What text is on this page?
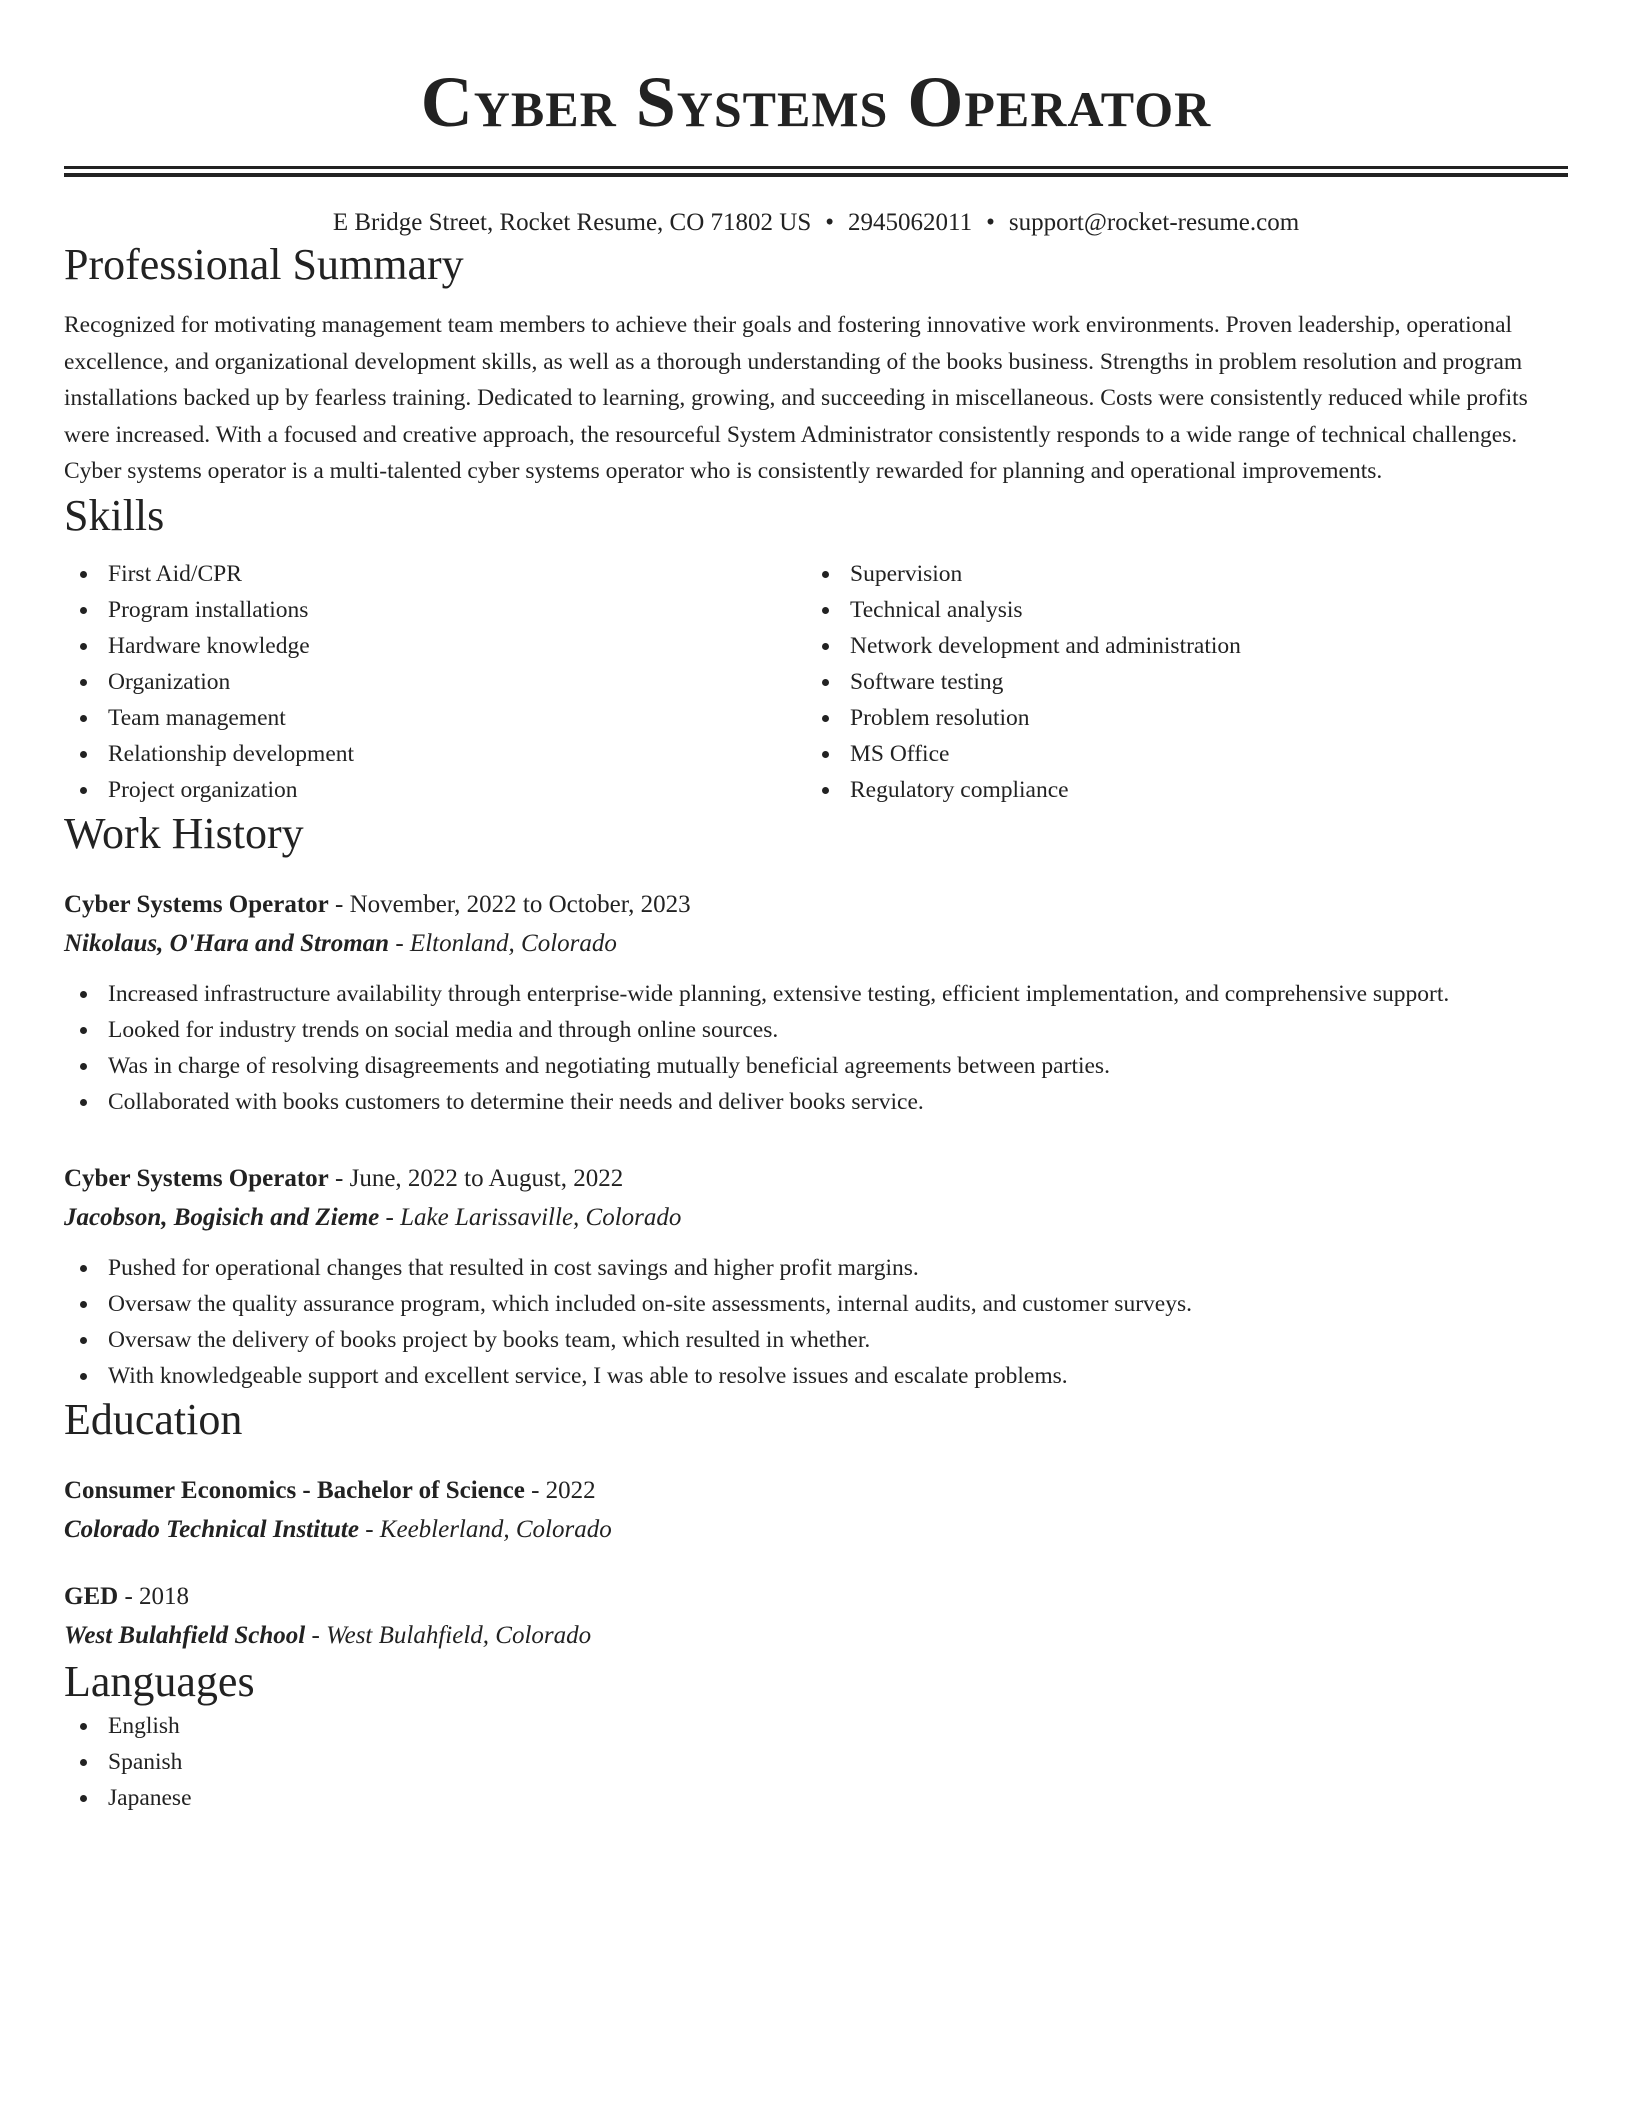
Cyber Systems Operator
E Bridge Street, Rocket Resume, CO 71802 US • 2945062011 • support@rocket-resume.com
Professional Summary

Recognized for motivating management team members to achieve their goals and fostering innovative work environments. Proven leadership, operational excellence, and organizational development skills, as well as a thorough understanding of the books business. Strengths in problem resolution and program installations backed up by fearless training. Dedicated to learning, growing, and succeeding in miscellaneous. Costs were consistently reduced while profits were increased. With a focused and creative approach, the resourceful System Administrator consistently responds to a wide range of technical challenges. Cyber systems operator is a multi-talented cyber systems operator who is consistently rewarded for planning and operational improvements.

Skills
First Aid/CPR
Program installations
Hardware knowledge
Organization
Team management
Relationship development
Project organization
Supervision
Technical analysis
Network development and administration
Software testing
Problem resolution
MS Office
Regulatory compliance
Work History
Cyber Systems Operator - November, 2022 to October, 2023
Nikolaus, O'Hara and Stroman - Eltonland, Colorado
Increased infrastructure availability through enterprise-wide planning, extensive testing, efficient implementation, and comprehensive support.
Looked for industry trends on social media and through online sources.
Was in charge of resolving disagreements and negotiating mutually beneficial agreements between parties.
Collaborated with books customers to determine their needs and deliver books service.
Cyber Systems Operator - June, 2022 to August, 2022
Jacobson, Bogisich and Zieme - Lake Larissaville, Colorado
Pushed for operational changes that resulted in cost savings and higher profit margins.
Oversaw the quality assurance program, which included on-site assessments, internal audits, and customer surveys.
Oversaw the delivery of books project by books team, which resulted in whether.
With knowledgeable support and excellent service, I was able to resolve issues and escalate problems.
Education
Consumer Economics - Bachelor of Science - 2022
Colorado Technical Institute - Keeblerland, Colorado
GED - 2018
West Bulahfield School - West Bulahfield, Colorado
Languages
English
Spanish
Japanese
